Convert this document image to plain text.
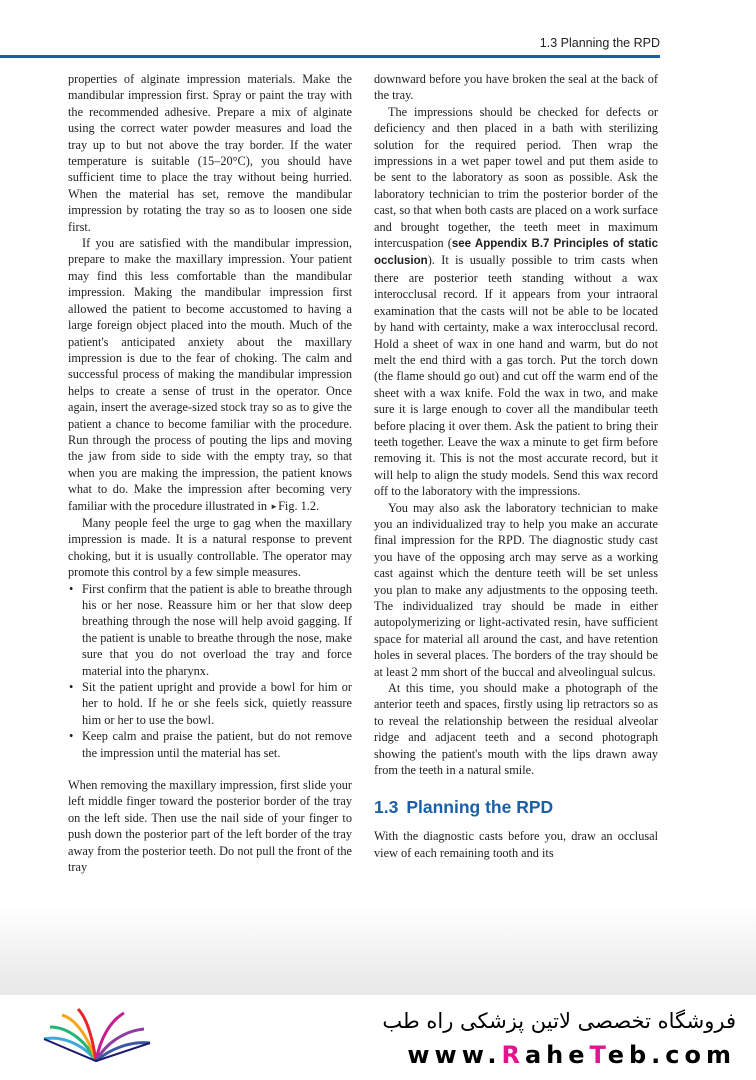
1.3 Planning the RPD

properties of alginate impression materials. Make the mandibular impression first. Spray or paint the tray with the recommended adhesive. Prepare a mix of alginate using the correct water powder measures and load the tray up to but not above the tray border. If the water temperature is suitable (15–20°C), you should have sufficient time to place the tray without being hurried. When the material has set, remove the mandibular impression by rotating the tray so as to loosen one side first.

If you are satisfied with the mandibular impression, prepare to make the maxillary impression. Your patient may find this less comfortable than the mandibular impression. Making the mandibular impression first allowed the patient to become accustomed to having a large foreign object placed into the mouth. Much of the patient's anticipated anxiety about the maxillary impression is due to the fear of choking. The calm and successful process of making the mandibular impression helps to create a sense of trust in the operator. Once again, insert the average-sized stock tray so as to give the patient a chance to become familiar with the procedure. Run through the process of pouting the lips and moving the jaw from side to side with the empty tray, so that when you are making the impression, the patient knows what to do. Make the impression after becoming very familiar with the procedure illustrated in ►Fig. 1.2.

Many people feel the urge to gag when the maxillary impression is made. It is a natural response to prevent choking, but it is usually controllable. The operator may promote this control by a few simple measures.

• First confirm that the patient is able to breathe through his or her nose. Reassure him or her that slow deep breathing through the nose will help avoid gagging. If the patient is unable to breathe through the nose, make sure that you do not overload the tray and force material into the pharynx.
• Sit the patient upright and provide a bowl for him or her to hold. If he or she feels sick, quietly reassure him or her to use the bowl.
• Keep calm and praise the patient, but do not remove the impression until the material has set.

When removing the maxillary impression, first slide your left middle finger toward the posterior border of the tray on the left side. Then use the nail side of your finger to push down the posterior part of the left border of the tray away from the posterior teeth. Do not pull the front of the tray

downward before you have broken the seal at the back of the tray.

The impressions should be checked for defects or deficiency and then placed in a bath with sterilizing solution for the required period. Then wrap the impressions in a wet paper towel and put them aside to be sent to the laboratory as soon as possible. Ask the laboratory technician to trim the posterior border of the cast, so that when both casts are placed on a work surface and brought together, the teeth meet in maximum intercuspation (see Appendix B.7 Principles of static occlusion). It is usually possible to trim casts when there are posterior teeth standing without a wax interocclusal record. If it appears from your intraoral examination that the casts will not be able to be located by hand with certainty, make a wax interocclusal record. Hold a sheet of wax in one hand and warm, but do not melt the end third with a gas torch. Put the torch down (the flame should go out) and cut off the warm end of the sheet with a wax knife. Fold the wax in two, and make sure it is large enough to cover all the mandibular teeth before placing it over them. Ask the patient to bring their teeth together. Leave the wax a minute to get firm before removing it. This is not the most accurate record, but it will help to align the study models. Send this wax record off to the laboratory with the impressions.

You may also ask the laboratory technician to make you an individualized tray to help you make an accurate final impression for the RPD. The diagnostic study cast you have of the opposing arch may serve as a working cast against which the denture teeth will be set unless you plan to make any adjustments to the opposing teeth. The individualized tray should be made in either autopolymerizing or light-activated resin, have sufficient space for material all around the cast, and have retention holes in several places. The borders of the tray should be at least 2 mm short of the buccal and alveolingual sulcus.

At this time, you should make a photograph of the anterior teeth and spaces, firstly using lip retractors so as to reveal the relationship between the residual alveolar ridge and adjacent teeth and a second photograph showing the patient's mouth with the lips drawn away from the teeth in a natural smile.

1.3 Planning the RPD

With the diagnostic casts before you, draw an occlusal view of each remaining tooth and its

فروشگاه تخصصی لاتین پزشکی راه طب
www.RaheTeb.com
